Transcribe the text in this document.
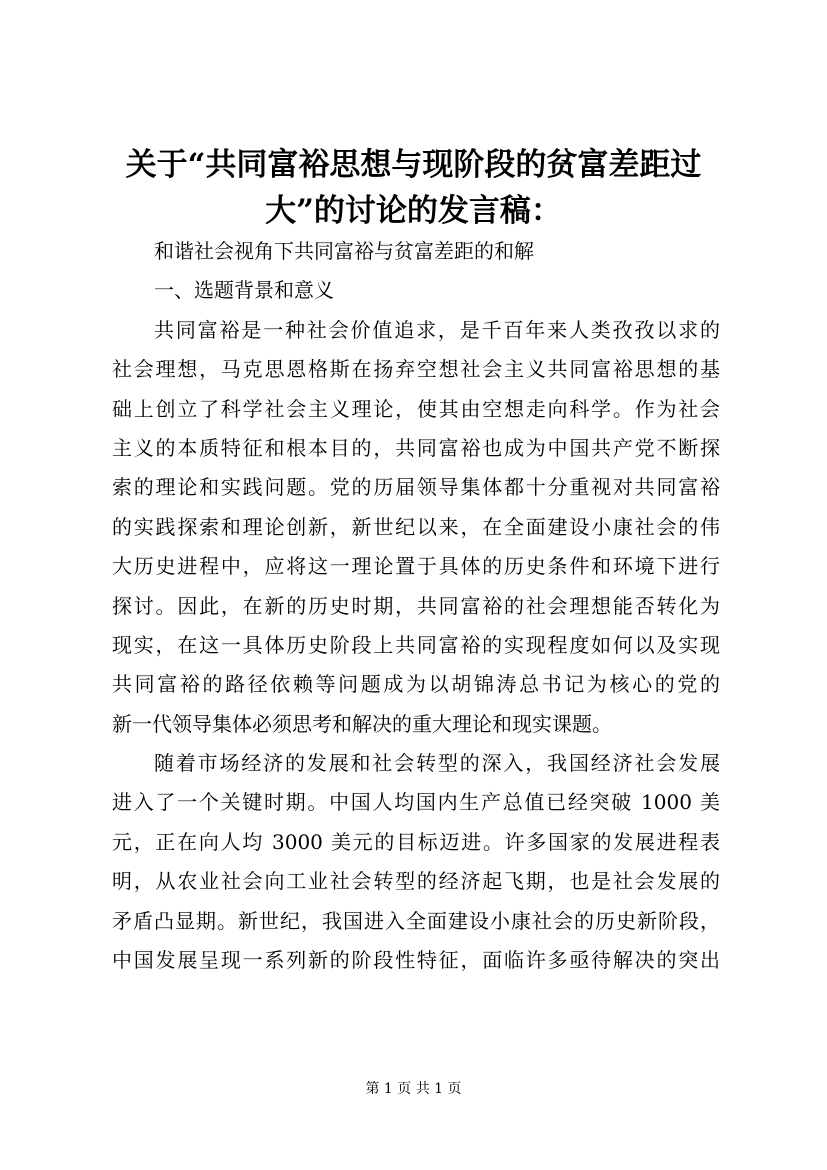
关于“共同富裕思想与现阶段的贫富差距过
大”的讨论的发言稿：
和谐社会视角下共同富裕与贫富差距的和解
一、选题背景和意义
共同富裕是一种社会价值追求，是千百年来人类孜孜以求的
社会理想，马克思恩格斯在扬弃空想社会主义共同富裕思想的基
础上创立了科学社会主义理论，使其由空想走向科学。作为社会
主义的本质特征和根本目的，共同富裕也成为中国共产党不断探
索的理论和实践问题。党的历届领导集体都十分重视对共同富裕
的实践探索和理论创新，新世纪以来，在全面建设小康社会的伟
大历史进程中，应将这一理论置于具体的历史条件和环境下进行
探讨。因此，在新的历史时期，共同富裕的社会理想能否转化为
现实，在这一具体历史阶段上共同富裕的实现程度如何以及实现
共同富裕的路径依赖等问题成为以胡锦涛总书记为核心的党的
新一代领导集体必须思考和解决的重大理论和现实课题。
随着市场经济的发展和社会转型的深入，我国经济社会发展
进入了一个关键时期。中国人均国内生产总值已经突破 1000 美
元，正在向人均 3000 美元的目标迈进。许多国家的发展进程表
明，从农业社会向工业社会转型的经济起飞期，也是社会发展的
矛盾凸显期。新世纪，我国进入全面建设小康社会的历史新阶段，
中国发展呈现一系列新的阶段性特征，面临许多亟待解决的突出
第 1 页 共 1 页
